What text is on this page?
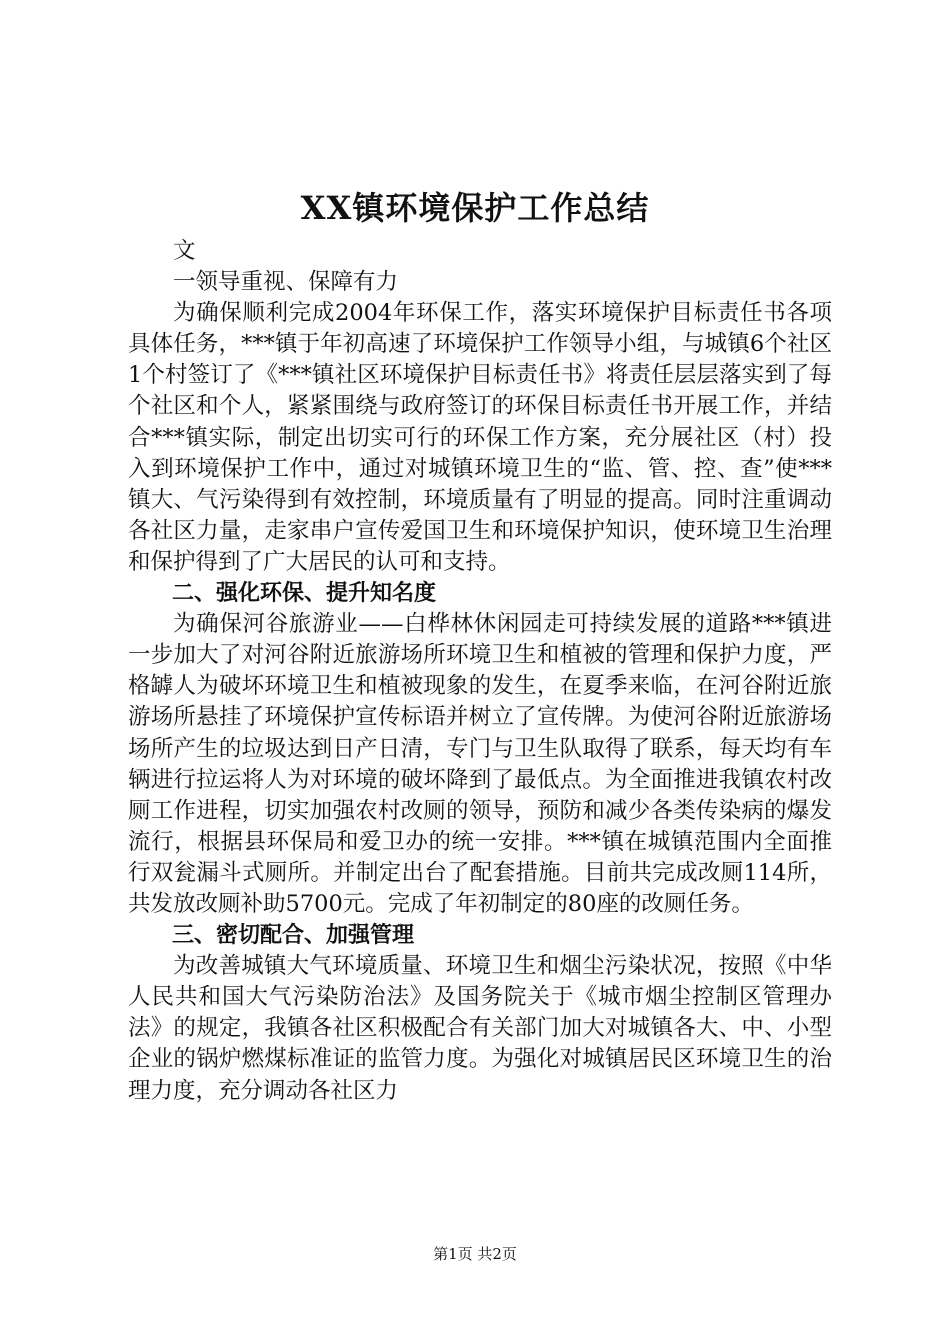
XX镇环境保护工作总结

文

一领导重视、保障有力

为确保顺利完成2004年环保工作，落实环境保护目标责任书各项具体任务，***镇于年初高速了环境保护工作领导小组，与城镇6个社区1个村签订了《***镇社区环境保护目标责任书》将责任层层落实到了每个社区和个人，紧紧围绕与政府签订的环保目标责任书开展工作，并结合***镇实际，制定出切实可行的环保工作方案，充分展社区（村）投入到环境保护工作中，通过对城镇环境卫生的“监、管、控、查”使***镇大、气污染得到有效控制，环境质量有了明显的提高。同时注重调动各社区力量，走家串户宣传爱国卫生和环境保护知识，使环境卫生治理和保护得到了广大居民的认可和支持。

二、强化环保、提升知名度

为确保河谷旅游业——白桦林休闲园走可持续发展的道路***镇进一步加大了对河谷附近旅游场所环境卫生和植被的管理和保护力度，严格罅人为破坏环境卫生和植被现象的发生，在夏季来临，在河谷附近旅游场所悬挂了环境保护宣传标语并树立了宣传牌。为使河谷附近旅游场场所产生的垃圾达到日产日清，专门与卫生队取得了联系，每天均有车辆进行拉运将人为对环境的破坏降到了最低点。为全面推进我镇农村改厕工作进程，切实加强农村改厕的领导，预防和减少各类传染病的爆发流行，根据县环保局和爱卫办的统一安排。***镇在城镇范围内全面推行双瓮漏斗式厕所。并制定出台了配套措施。目前共完成改厕114所，共发放改厕补助5700元。完成了年初制定的80座的改厕任务。

三、密切配合、加强管理

为改善城镇大气环境质量、环境卫生和烟尘污染状况，按照《中华人民共和国大气污染防治法》及国务院关于《城市烟尘控制区管理办法》的规定，我镇各社区积极配合有关部门加大对城镇各大、中、小型企业的锅炉燃煤标准证的监管力度。为强化对城镇居民区环境卫生的治理力度，充分调动各社区力

第1页 共2页
